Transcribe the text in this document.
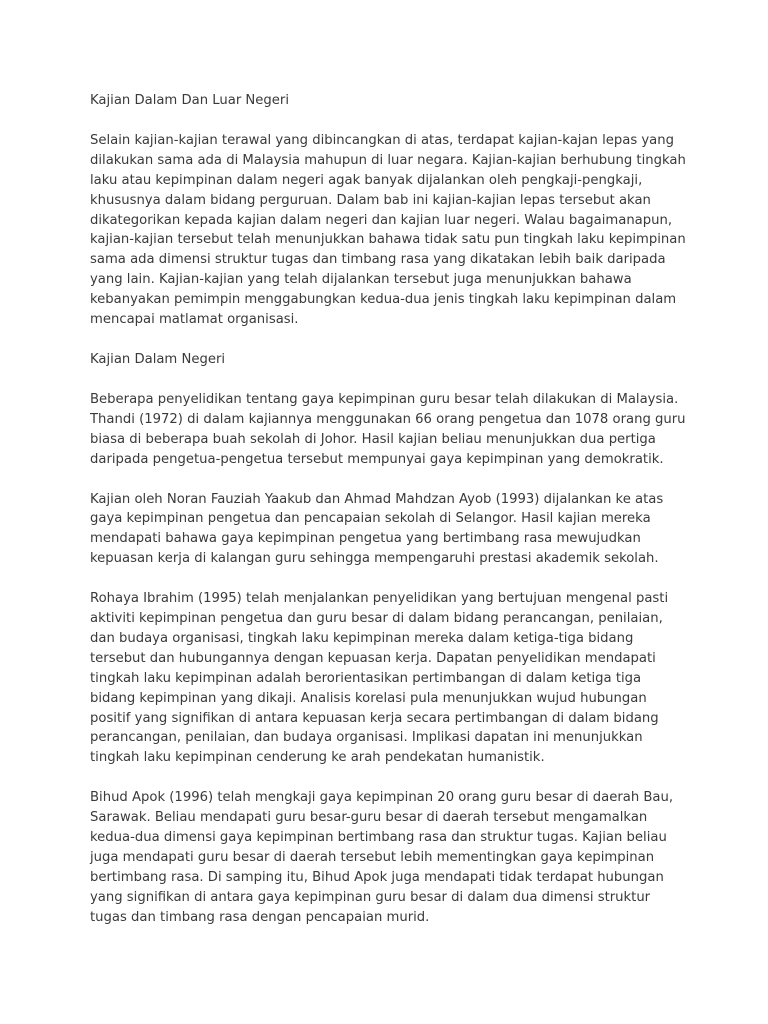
Kajian Dalam Dan Luar Negeri

Selain kajian-kajian terawal yang dibincangkan di atas, terdapat kajian-kajan lepas yang dilakukan sama ada di Malaysia mahupun di luar negara. Kajian-kajian berhubung tingkah laku atau kepimpinan dalam negeri agak banyak dijalankan oleh pengkaji-pengkaji, khususnya dalam bidang perguruan. Dalam bab ini kajian-kajian lepas tersebut akan dikategorikan kepada kajian dalam negeri dan kajian luar negeri. Walau bagaimanapun, kajian-kajian tersebut telah menunjukkan bahawa tidak satu pun tingkah laku kepimpinan sama ada dimensi struktur tugas dan timbang rasa yang dikatakan lebih baik daripada yang lain. Kajian-kajian yang telah dijalankan tersebut juga menunjukkan bahawa kebanyakan pemimpin menggabungkan kedua-dua jenis tingkah laku kepimpinan dalam mencapai matlamat organisasi.

Kajian Dalam Negeri

Beberapa penyelidikan tentang gaya kepimpinan guru besar telah dilakukan di Malaysia. Thandi (1972) di dalam kajiannya menggunakan 66 orang pengetua dan 1078 orang guru biasa di beberapa buah sekolah di Johor. Hasil kajian beliau menunjukkan dua pertiga daripada pengetua-pengetua tersebut mempunyai gaya kepimpinan yang demokratik.

Kajian oleh Noran Fauziah Yaakub dan Ahmad Mahdzan Ayob (1993) dijalankan ke atas gaya kepimpinan pengetua dan pencapaian sekolah di Selangor. Hasil kajian mereka mendapati bahawa gaya kepimpinan pengetua yang bertimbang rasa mewujudkan kepuasan kerja di kalangan guru sehingga mempengaruhi prestasi akademik sekolah.

Rohaya Ibrahim (1995) telah menjalankan penyelidikan yang bertujuan mengenal pasti aktiviti kepimpinan pengetua dan guru besar di dalam bidang perancangan, penilaian, dan budaya organisasi, tingkah laku kepimpinan mereka dalam ketiga-tiga bidang tersebut dan hubungannya dengan kepuasan kerja. Dapatan penyelidikan mendapati tingkah laku kepimpinan adalah berorientasikan pertimbangan di dalam ketiga tiga bidang kepimpinan yang dikaji. Analisis korelasi pula menunjukkan wujud hubungan positif yang signifikan di antara kepuasan kerja secara pertimbangan di dalam bidang perancangan, penilaian, dan budaya organisasi. Implikasi dapatan ini menunjukkan tingkah laku kepimpinan cenderung ke arah pendekatan humanistik.

Bihud Apok (1996) telah mengkaji gaya kepimpinan 20 orang guru besar di daerah Bau, Sarawak. Beliau mendapati guru besar-guru besar di daerah tersebut mengamalkan kedua-dua dimensi gaya kepimpinan bertimbang rasa dan struktur tugas. Kajian beliau juga mendapati guru besar di daerah tersebut lebih mementingkan gaya kepimpinan bertimbang rasa. Di samping itu, Bihud Apok juga mendapati tidak terdapat hubungan yang signifikan di antara gaya kepimpinan guru besar di dalam dua dimensi struktur tugas dan timbang rasa dengan pencapaian murid.
